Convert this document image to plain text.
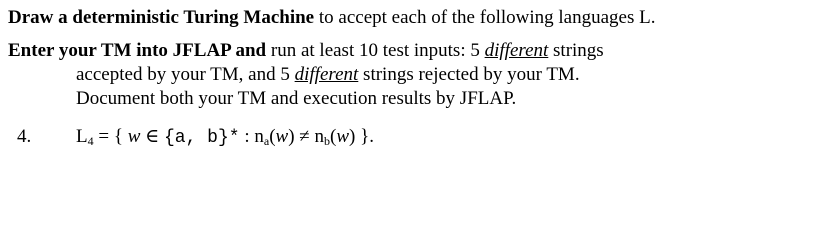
Draw a deterministic Turing Machine to accept each of the following languages L.
Enter your TM into JFLAP and run at least 10 test inputs: 5 different strings
accepted by your TM, and 5 different strings rejected by your TM.
Document both your TM and execution results by JFLAP.
4. $L_4$ = { w ∈ {a, b}* : $n_a(w) \ne n_b(w)$ }.
